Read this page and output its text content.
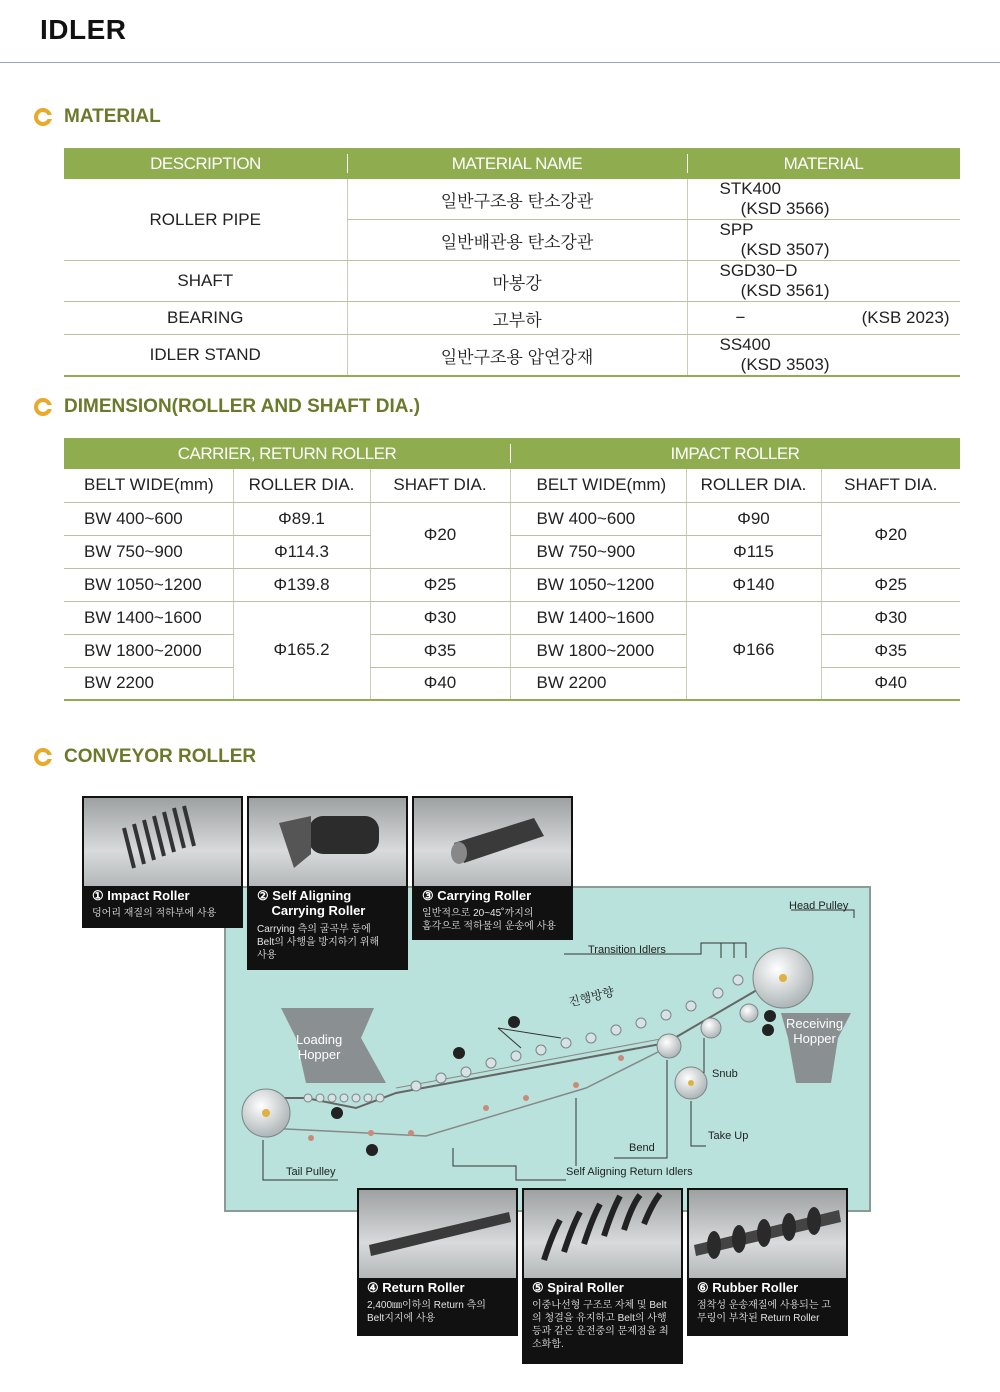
IDLER
MATERIAL
DESCRIPTION	MATERIAL NAME	MATERIAL
ROLLER PIPE	일반구조용 탄소강관	STK400(KSD 3566)
	일반배관용 탄소강관	SPP(KSD 3507)
SHAFT	마봉강	SGD30−D(KSD 3561)
BEARING	고부하	− (KSB 2023)
IDLER STAND	일반구조용 압연강재	SS400(KSD 3503)
DIMENSION(ROLLER AND SHAFT DIA.)
CARRIER, RETURN ROLLER			IMPACT ROLLER		
BELT WIDE(mm)	ROLLER DIA.	SHAFT DIA.	BELT WIDE(mm)	ROLLER DIA.	SHAFT DIA.
BW 400~600	Φ89.1	Φ20	BW 400~600	Φ90	Φ20
BW 750~900	Φ114.3		BW 750~900	Φ115	
BW 1050~1200	Φ139.8	Φ25	BW 1050~1200	Φ140	Φ25
BW 1400~1600	Φ165.2	Φ30	BW 1400~1600	Φ166	Φ30
BW 1800~2000		Φ35	BW 1800~2000		Φ35
BW 2200		Φ40	BW 2200		Φ40
CONVEYOR ROLLER
Head Pulley
Transition Idlers
진행방향
Loading
Hopper
Receiving
Hopper
Snub
Take Up
Bend
Tail Pulley	Self Aligning Return Idlers
① Impact Roller
덩어리 재질의 적하부에 사용
② Self Aligning
Carrying Roller
Carrying 측의 굴곡부 등에
Belt의 사행을 방지하기 위해
사용
③ Carrying Roller
일반적으로 20~45˚까지의
홈각으로 적하물의 운송에 사용
④ Return Roller
2,400㎜이하의 Return 측의
Belt지지에 사용
⑤ Spiral Roller
이중나선형 구조로 자체 및 Belt
의 청결을 유지하고 Belt의 사행
등과 같은 운전중의 문제점을 최
소화함.
⑥ Rubber Roller
점착성 운송재질에 사용되는 고
무링이 부착된 Return Roller
